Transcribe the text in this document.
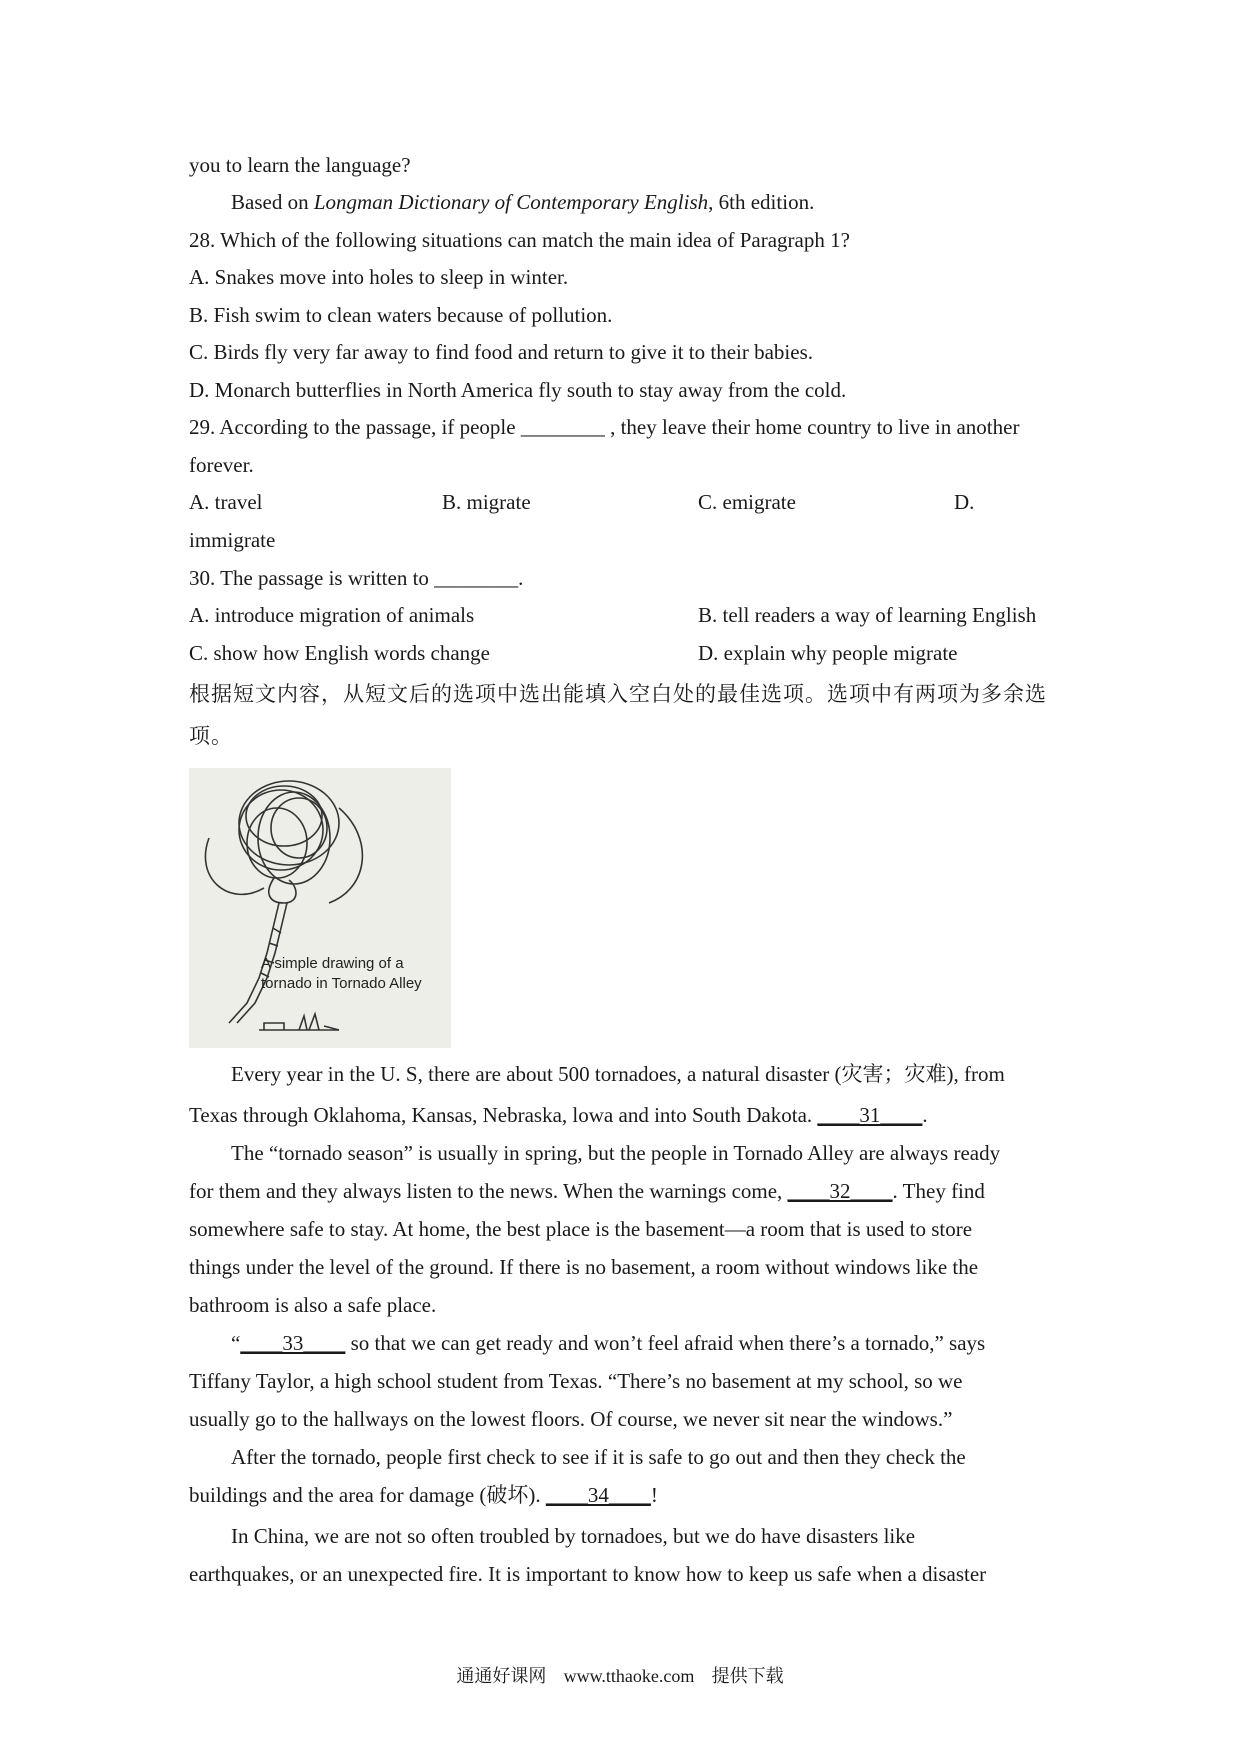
you to learn the language?
Based on Longman Dictionary of Contemporary English, 6th edition.
28. Which of the following situations can match the main idea of Paragraph 1?
A. Snakes move into holes to sleep in winter.
B. Fish swim to clean waters because of pollution.
C. Birds fly very far away to find food and return to give it to their babies.
D. Monarch butterflies in North America fly south to stay away from the cold.
29. According to the passage, if people ________ , they leave their home country to live in another
forever.
A. travel	B. migrate	C. emigrate	D.
immigrate
30. The passage is written to ________.
A. introduce migration of animals	B. tell readers a way of learning English
C. show how English words change	D. explain why people migrate
根据短文内容，从短文后的选项中选出能填入空白处的最佳选项。选项中有两项为多余选
项。
A simple drawing of a
tornado in Tornado Alley
Every year in the U. S, there are about 500 tornadoes, a natural disaster (灾害；灾难), from
Texas through Oklahoma, Kansas, Nebraska, lowa and into South Dakota. ____31____.
The “tornado season” is usually in spring, but the people in Tornado Alley are always ready
for them and they always listen to the news. When the warnings come, ____32____. They find
somewhere safe to stay. At home, the best place is the basement—a room that is used to store
things under the level of the ground. If there is no basement, a room without windows like the
bathroom is also a safe place.
“____33____ so that we can get ready and won’t feel afraid when there’s a tornado,” says
Tiffany Taylor, a high school student from Texas. “There’s no basement at my school, so we
usually go to the hallways on the lowest floors. Of course, we never sit near the windows.”
After the tornado, people first check to see if it is safe to go out and then they check the
buildings and the area for damage (破坏). ____34____!
In China, we are not so often troubled by tornadoes, but we do have disasters like
earthquakes, or an unexpected fire. It is important to know how to keep us safe when a disaster
通通好课网 www.tthaoke.com 提供下载
